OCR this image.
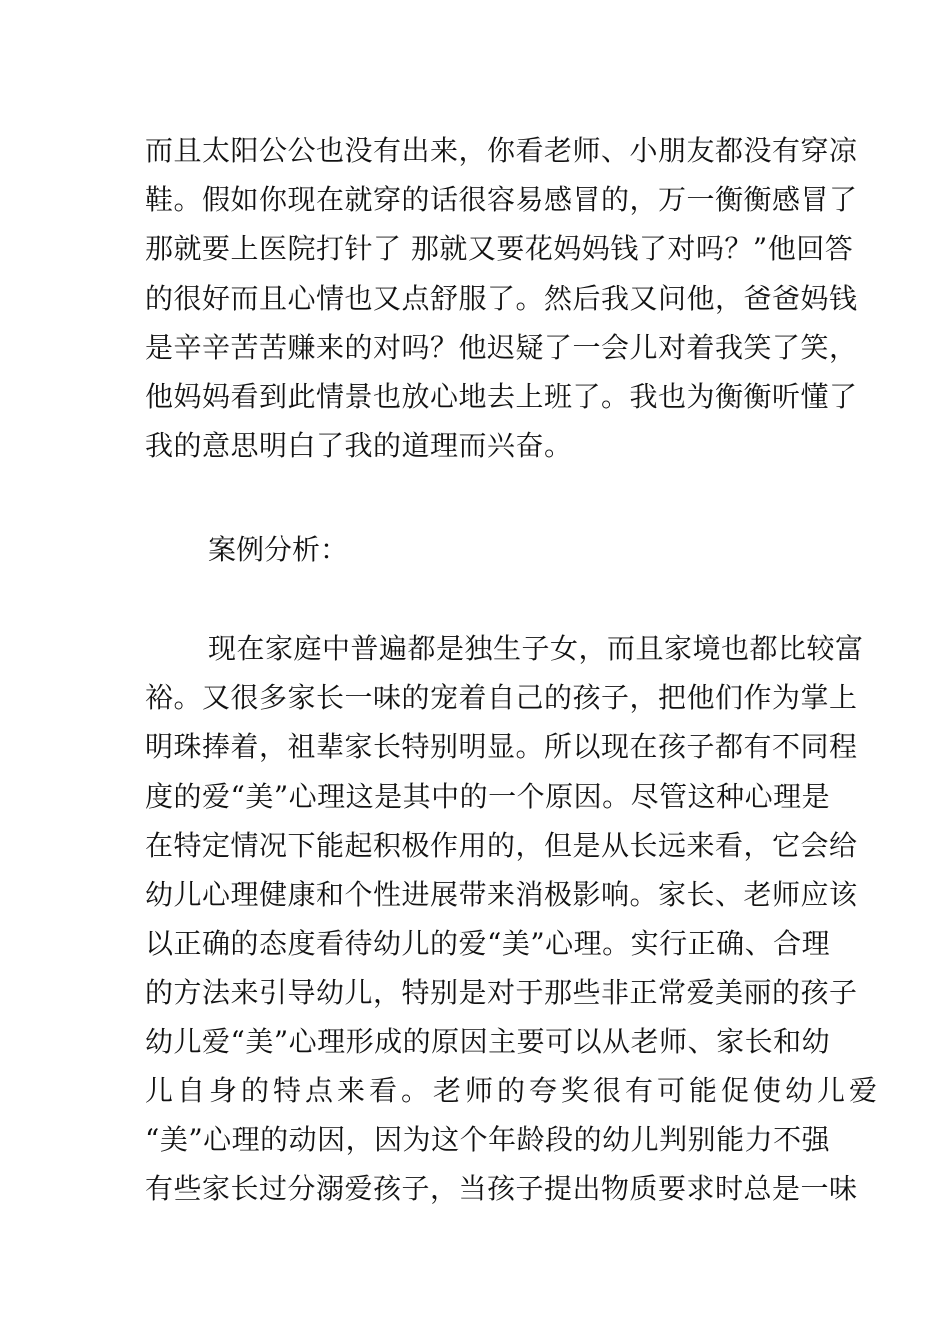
而且太阳公公也没有出来，你看老师、小朋友都没有穿凉
鞋。假如你现在就穿的话很容易感冒的，万一衡衡感冒了
那就要上医院打针了 那就又要花妈妈钱了对吗？”他回答
的很好而且心情也又点舒服了。然后我又问他，爸爸妈钱
是辛辛苦苦赚来的对吗？他迟疑了一会儿对着我笑了笑，
他妈妈看到此情景也放心地去上班了。我也为衡衡听懂了
我的意思明白了我的道理而兴奋。
案例分析：
现在家庭中普遍都是独生子女，而且家境也都比较富
裕。又很多家长一味的宠着自己的孩子，把他们作为掌上
明珠捧着，祖辈家长特别明显。所以现在孩子都有不同程
度的爱“美”心理这是其中的一个原因。尽管这种心理是
在特定情况下能起积极作用的，但是从长远来看，它会给
幼儿心理健康和个性进展带来消极影响。家长、老师应该
以正确的态度看待幼儿的爱“美”心理。实行正确、合理
的方法来引导幼儿，特别是对于那些非正常爱美丽的孩子
幼儿爱“美”心理形成的原因主要可以从老师、家长和幼
儿自身的特点来看。老师的夸奖很有可能促使幼儿爱
“美”心理的动因，因为这个年龄段的幼儿判别能力不强
有些家长过分溺爱孩子，当孩子提出物质要求时总是一味
